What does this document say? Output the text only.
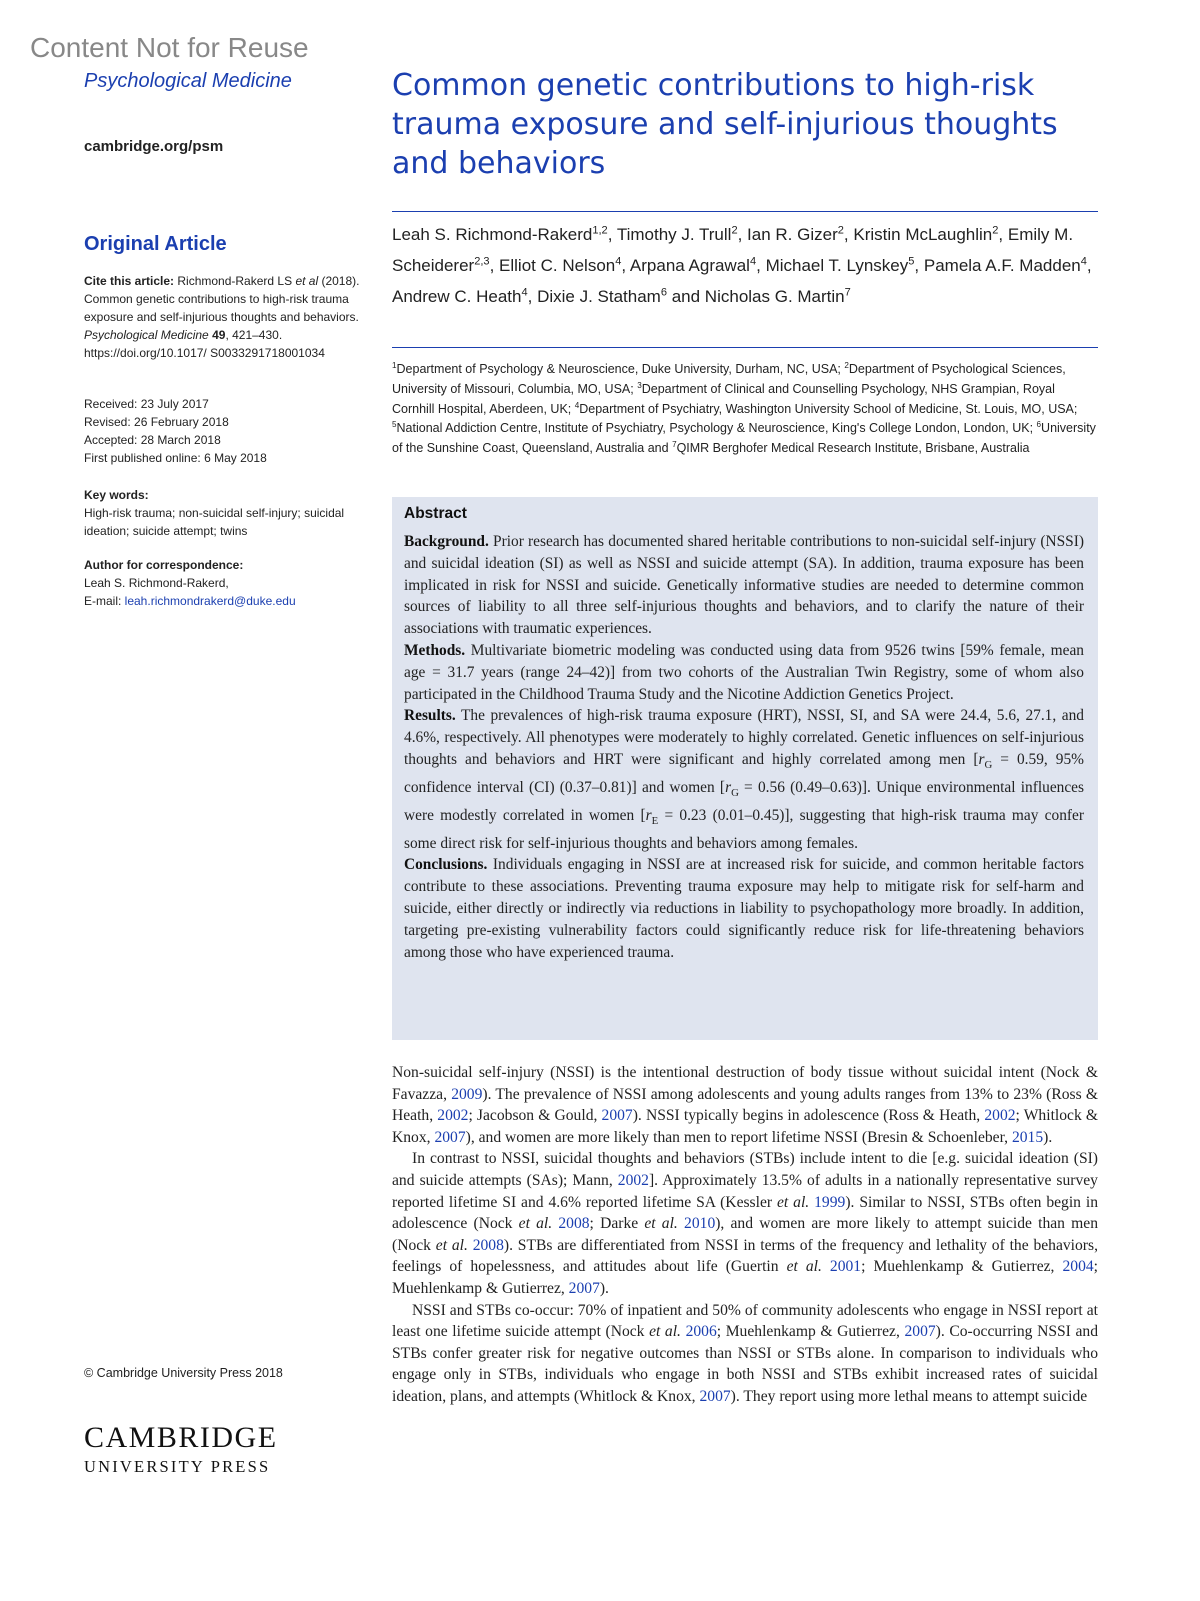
Content Not for Reuse
Psychological Medicine
cambridge.org/psm
Original Article
Cite this article: Richmond-Rakerd LS et al (2018). Common genetic contributions to high-risk trauma exposure and self-injurious thoughts and behaviors. Psychological Medicine 49, 421–430. https://doi.org/10.1017/ S0033291718001034
Received: 23 July 2017
Revised: 26 February 2018
Accepted: 28 March 2018
First published online: 6 May 2018
Key words:
High-risk trauma; non-suicidal self-injury; suicidal ideation; suicide attempt; twins
Author for correspondence:
Leah S. Richmond-Rakerd,
E-mail: leah.richmondrakerd@duke.edu
© Cambridge University Press 2018
CAMBRIDGE
UNIVERSITY PRESS
Common genetic contributions to high-risk trauma exposure and self-injurious thoughts and behaviors
Leah S. Richmond-Rakerd$^{1,2}$, Timothy J. Trull$^2$, Ian R. Gizer$^2$, Kristin McLaughlin$^2$, Emily M. Scheiderer$^{2,3}$, Elliot C. Nelson$^4$, Arpana Agrawal$^4$, Michael T. Lynskey$^5$, Pamela A.F. Madden$^4$, Andrew C. Heath$^4$, Dixie J. Statham$^6$ and Nicholas G. Martin$^7$
$^1$Department of Psychology & Neuroscience, Duke University, Durham, NC, USA; $^2$Department of Psychological Sciences, University of Missouri, Columbia, MO, USA; $^3$Department of Clinical and Counselling Psychology, NHS Grampian, Royal Cornhill Hospital, Aberdeen, UK; $^4$Department of Psychiatry, Washington University School of Medicine, St. Louis, MO, USA; $^5$National Addiction Centre, Institute of Psychiatry, Psychology & Neuroscience, King's College London, London, UK; $^6$University of the Sunshine Coast, Queensland, Australia and $^7$QIMR Berghofer Medical Research Institute, Brisbane, Australia
Abstract

Background. Prior research has documented shared heritable contributions to non-suicidal self-injury (NSSI) and suicidal ideation (SI) as well as NSSI and suicide attempt (SA). In addition, trauma exposure has been implicated in risk for NSSI and suicide. Genetically informative studies are needed to determine common sources of liability to all three self-injurious thoughts and behaviors, and to clarify the nature of their associations with traumatic experiences.

Methods. Multivariate biometric modeling was conducted using data from 9526 twins [59% female, mean age = 31.7 years (range 24–42)] from two cohorts of the Australian Twin Registry, some of whom also participated in the Childhood Trauma Study and the Nicotine Addiction Genetics Project.

Results. The prevalences of high-risk trauma exposure (HRT), NSSI, SI, and SA were 24.4, 5.6, 27.1, and 4.6%, respectively. All phenotypes were moderately to highly correlated. Genetic influences on self-injurious thoughts and behaviors and HRT were significant and highly correlated among men [$r_G = 0.59$, 95% confidence interval (CI) (0.37–0.81)] and women [$r_G = 0.56$ (0.49–0.63)]. Unique environmental influences were modestly correlated in women [$r_E = 0.23$ (0.01–0.45)], suggesting that high-risk trauma may confer some direct risk for self-injurious thoughts and behaviors among females.

Conclusions. Individuals engaging in NSSI are at increased risk for suicide, and common heritable factors contribute to these associations. Preventing trauma exposure may help to mitigate risk for self-harm and suicide, either directly or indirectly via reductions in liability to psychopathology more broadly. In addition, targeting pre-existing vulnerability factors could significantly reduce risk for life-threatening behaviors among those who have experienced trauma.

Non-suicidal self-injury (NSSI) is the intentional destruction of body tissue without suicidal intent (Nock & Favazza, 2009). The prevalence of NSSI among adolescents and young adults ranges from 13% to 23% (Ross & Heath, 2002; Jacobson & Gould, 2007). NSSI typically begins in adolescence (Ross & Heath, 2002; Whitlock & Knox, 2007), and women are more likely than men to report lifetime NSSI (Bresin & Schoenleber, 2015).

In contrast to NSSI, suicidal thoughts and behaviors (STBs) include intent to die [e.g. suicidal ideation (SI) and suicide attempts (SAs); Mann, 2002]. Approximately 13.5% of adults in a nationally representative survey reported lifetime SI and 4.6% reported lifetime SA (Kessler et al. 1999). Similar to NSSI, STBs often begin in adolescence (Nock et al. 2008; Darke et al. 2010), and women are more likely to attempt suicide than men (Nock et al. 2008). STBs are differentiated from NSSI in terms of the frequency and lethality of the behaviors, feelings of hopelessness, and attitudes about life (Guertin et al. 2001; Muehlenkamp & Gutierrez, 2004; Muehlenkamp & Gutierrez, 2007).

NSSI and STBs co-occur: 70% of inpatient and 50% of community adolescents who engage in NSSI report at least one lifetime suicide attempt (Nock et al. 2006; Muehlenkamp & Gutierrez, 2007). Co-occurring NSSI and STBs confer greater risk for negative outcomes than NSSI or STBs alone. In comparison to individuals who engage only in STBs, individuals who engage in both NSSI and STBs exhibit increased rates of suicidal ideation, plans, and attempts (Whitlock & Knox, 2007). They report using more lethal means to attempt suicide
